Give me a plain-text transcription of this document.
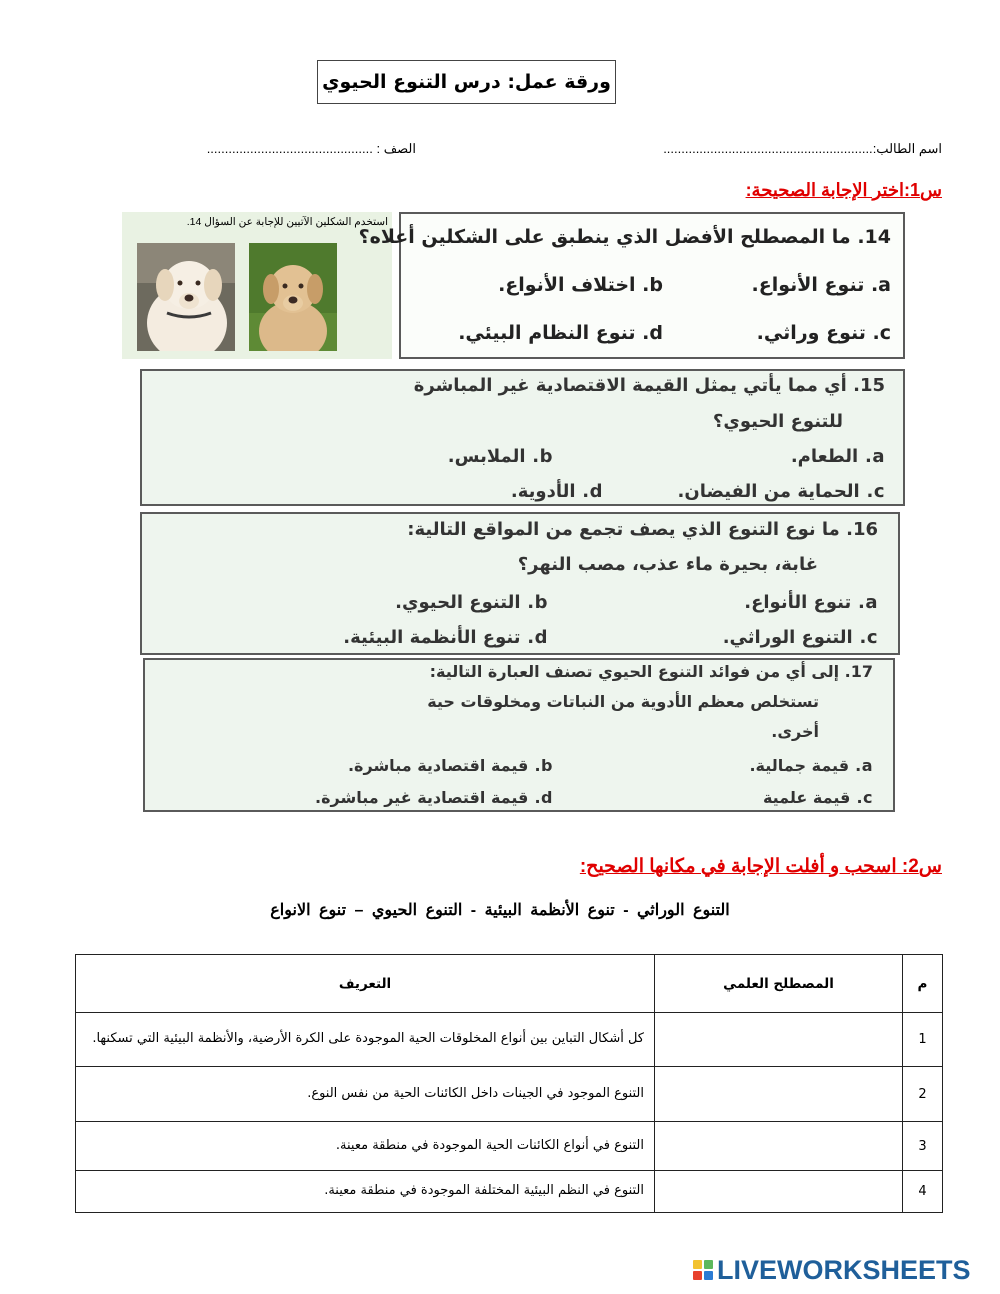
ورقة عمل: درس التنوع الحيوي
اسم الطالب:..........................................................
الصف : ..............................................
س1:اختر الإجابة الصحيحة:
استخدم الشكلين الآتيين للإجابة عن السؤال 14.
14. ما المصطلح الأفضل الذي ينطبق على الشكلين أعلاه؟
a. تنوع الأنواع.
b. اختلاف الأنواع.
c. تنوع وراثي.
d. تنوع النظام البيئي.
15. أي مما يأتي يمثل القيمة الاقتصادية غير المباشرة
للتنوع الحيوي؟
a. الطعام.
b. الملابس.
c. الحماية من الفيضان.
d. الأدوية.
16. ما نوع التنوع الذي يصف تجمع من المواقع التالية:
غابة، بحيرة ماء عذب، مصب النهر؟
a. تنوع الأنواع.
b. التنوع الحيوي.
c. التنوع الوراثي.
d. تنوع الأنظمة البيئية.
17. إلى أي من فوائد التنوع الحيوي تصنف العبارة التالية:
تستخلص معظم الأدوية من النباتات ومخلوقات حية
أخرى.
a. قيمة جمالية.
b. قيمة اقتصادية مباشرة.
c. قيمة علمية
d. قيمة اقتصادية غير مباشرة.
س2: اسحب و أفلت الإجابة في مكانها الصحيح:
التنوع الوراثي - تنوع الأنظمة البيئية - التنوع الحيوي – تنوع الانواع
م	المصطلح العلمي	التعريف
1		كل أشكال التباين بين أنواع المخلوقات الحية الموجودة على الكرة الأرضية، والأنظمة البيئية التي تسكنها.
2		التنوع الموجود في الجينات داخل الكائنات الحية من نفس النوع.
3		التنوع في أنواع الكائنات الحية الموجودة في منطقة معينة.
4		التنوع في النظم البيئية المختلفة الموجودة في منطقة معينة.
LIVEWORKSHEETS
